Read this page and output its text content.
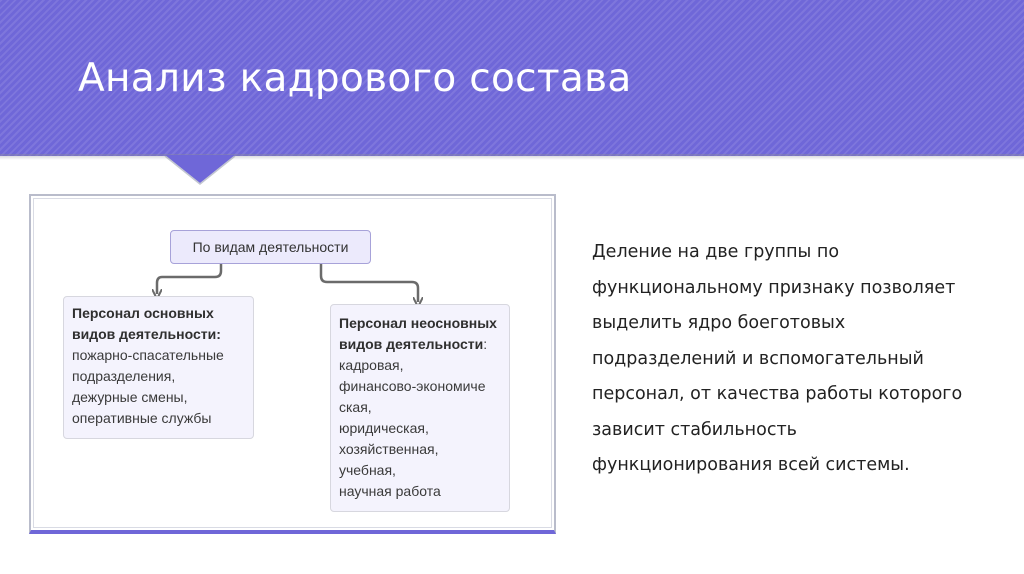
Анализ кадрового состава
По видам деятельности
Персонал основных
видов деятельности:
пожарно-спасательные
подразделения,
дежурные смены,
оперативные службы
Персонал неосновных
видов деятельности:
кадровая,
финансово-экономиче
ская,
юридическая,
хозяйственная,
учебная,
научная работа
Деление на две группы по
функциональному признаку позволяет
выделить ядро боеготовых
подразделений и вспомогательный
персонал, от качества работы которого
зависит стабильность
функционирования всей системы.
